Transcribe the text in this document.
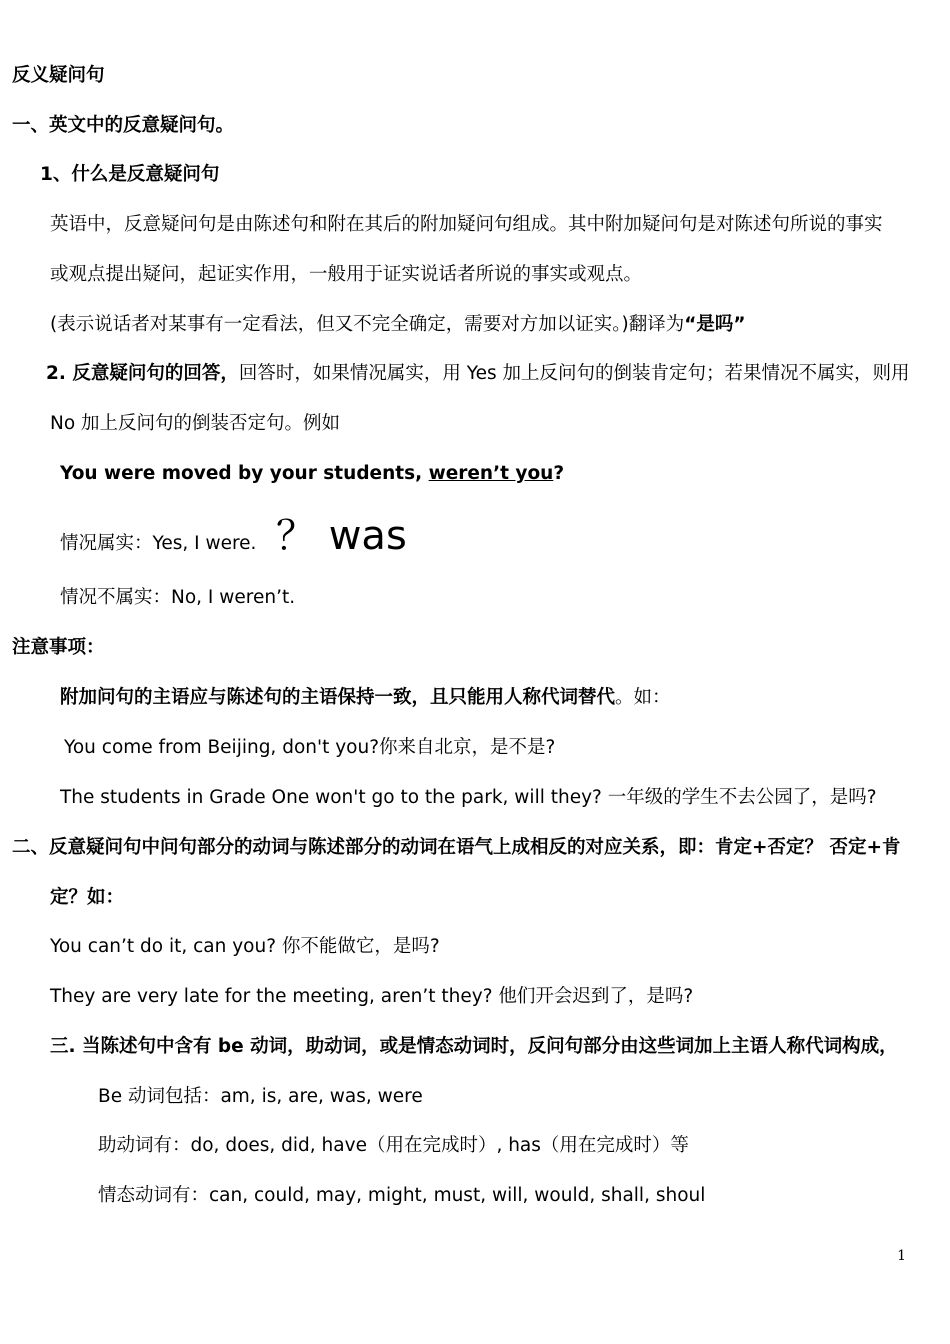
反义疑问句
一、英文中的反意疑问句。
1、什么是反意疑问句
英语中，反意疑问句是由陈述句和附在其后的附加疑问句组成。其中附加疑问句是对陈述句所说的事实
或观点提出疑问，起证实作用，一般用于证实说话者所说的事实或观点。
(表示说话者对某事有一定看法，但又不完全确定，需要对方加以证实。)翻译为“是吗”
2. 反意疑问句的回答，回答时，如果情况属实，用 Yes 加上反问句的倒装肯定句；若果情况不属实，则用
No 加上反问句的倒装否定句。例如
You were moved by your students, weren’t you?
情况属实：Yes, I were. ？ was
情况不属实：No, I weren’t.
注意事项：
附加问句的主语应与陈述句的主语保持一致，且只能用人称代词替代。如：
You come from Beijing, don't you?你来自北京，是不是?
The students in Grade One won't go to the park, will they? 一年级的学生不去公园了，是吗?
二、反意疑问句中问句部分的动词与陈述部分的动词在语气上成相反的对应关系，即：肯定+否定？ 否定+肯
定？如：
You can’t do it, can you? 你不能做它，是吗?
They are very late for the meeting, aren’t they? 他们开会迟到了，是吗?
三. 当陈述句中含有 be 动词，助动词，或是情态动词时，反问句部分由这些词加上主语人称代词构成，
Be 动词包括：am, is, are, was, were
助动词有：do, does, did, have（用在完成时）, has（用在完成时）等
情态动词有：can, could, may, might, must, will, would, shall, shoul
1
